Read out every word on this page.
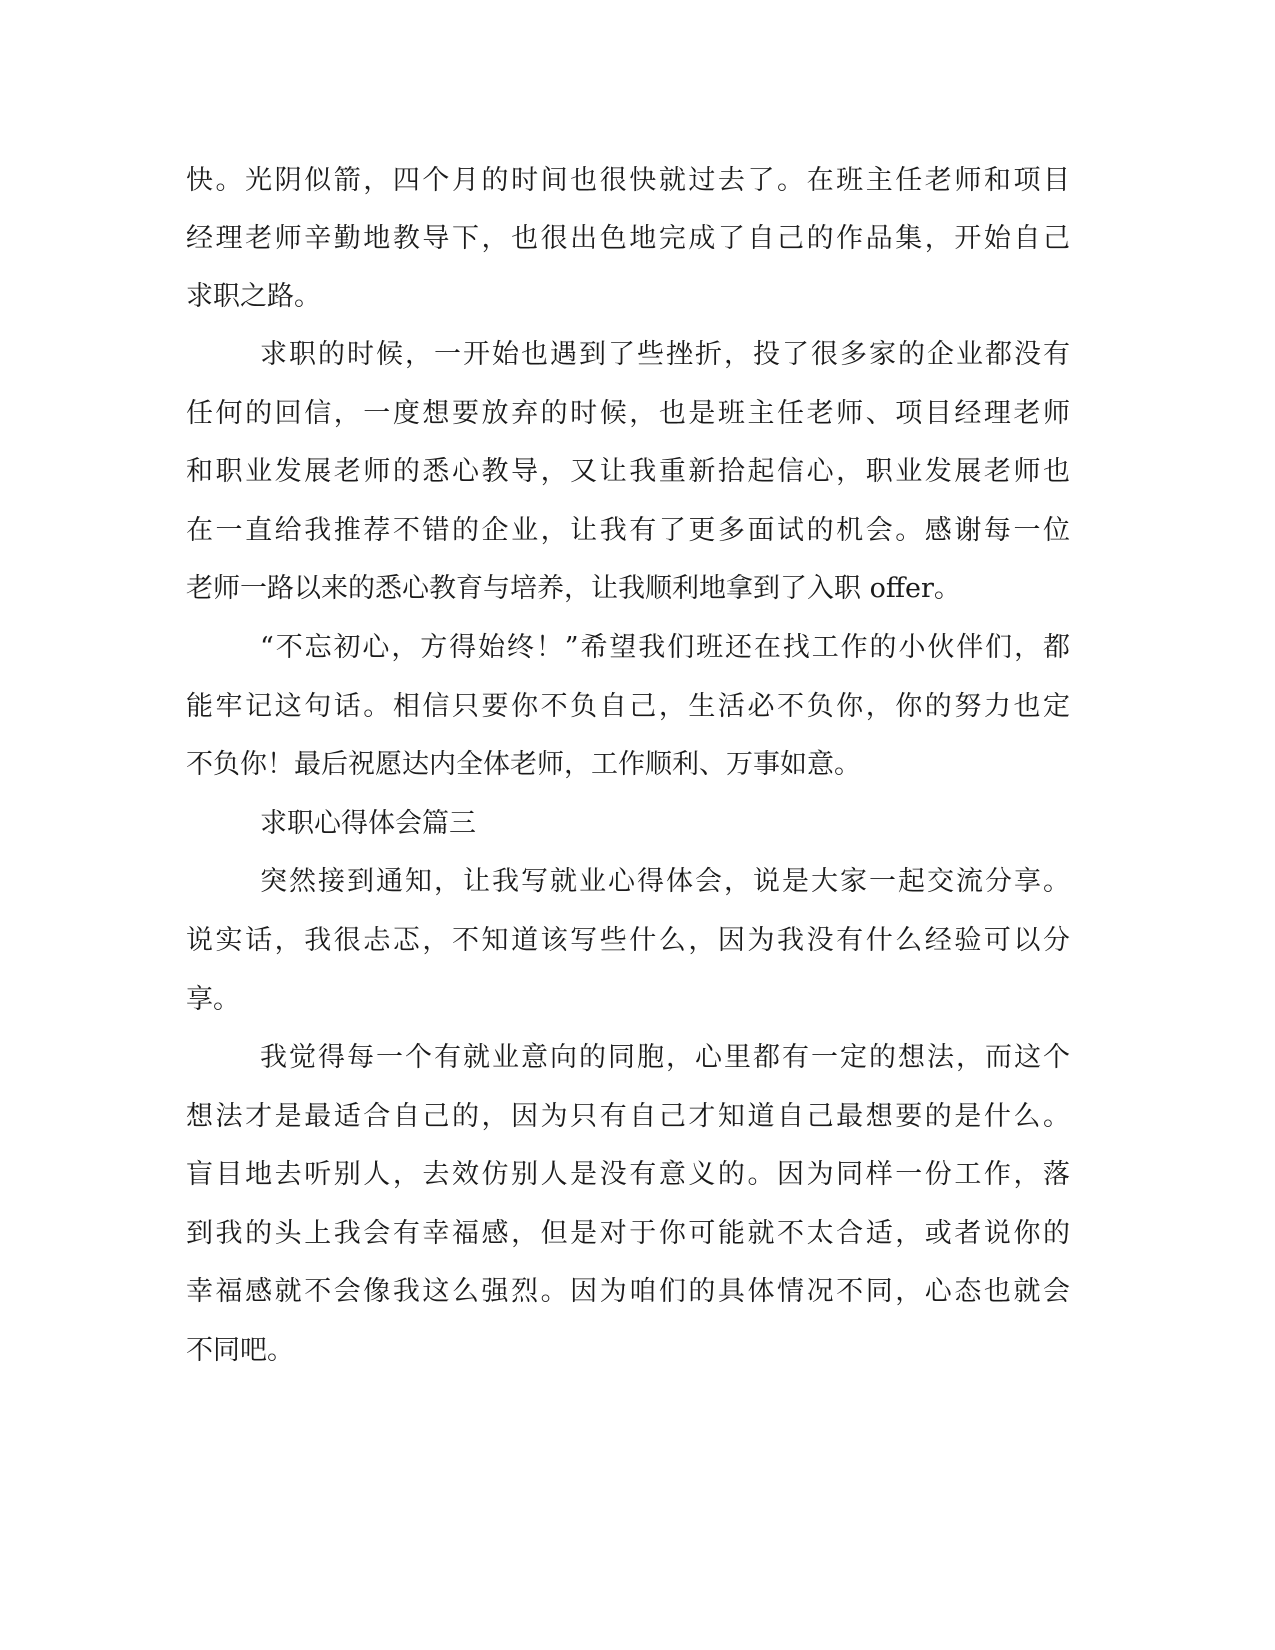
快。光阴似箭，四个月的时间也很快就过去了。在班主任老师和项目
经理老师辛勤地教导下，也很出色地完成了自己的作品集，开始自己
求职之路。
求职的时候，一开始也遇到了些挫折，投了很多家的企业都没有
任何的回信，一度想要放弃的时候，也是班主任老师、项目经理老师
和职业发展老师的悉心教导，又让我重新拾起信心，职业发展老师也
在一直给我推荐不错的企业，让我有了更多面试的机会。感谢每一位
老师一路以来的悉心教育与培养，让我顺利地拿到了入职 offer。
“不忘初心，方得始终！”希望我们班还在找工作的小伙伴们，都
能牢记这句话。相信只要你不负自己，生活必不负你，你的努力也定
不负你！最后祝愿达内全体老师，工作顺利、万事如意。
求职心得体会篇三
突然接到通知，让我写就业心得体会，说是大家一起交流分享。
说实话，我很忐忑，不知道该写些什么，因为我没有什么经验可以分
享。
我觉得每一个有就业意向的同胞，心里都有一定的想法，而这个
想法才是最适合自己的，因为只有自己才知道自己最想要的是什么。
盲目地去听别人，去效仿别人是没有意义的。因为同样一份工作，落
到我的头上我会有幸福感，但是对于你可能就不太合适，或者说你的
幸福感就不会像我这么强烈。因为咱们的具体情况不同，心态也就会
不同吧。
